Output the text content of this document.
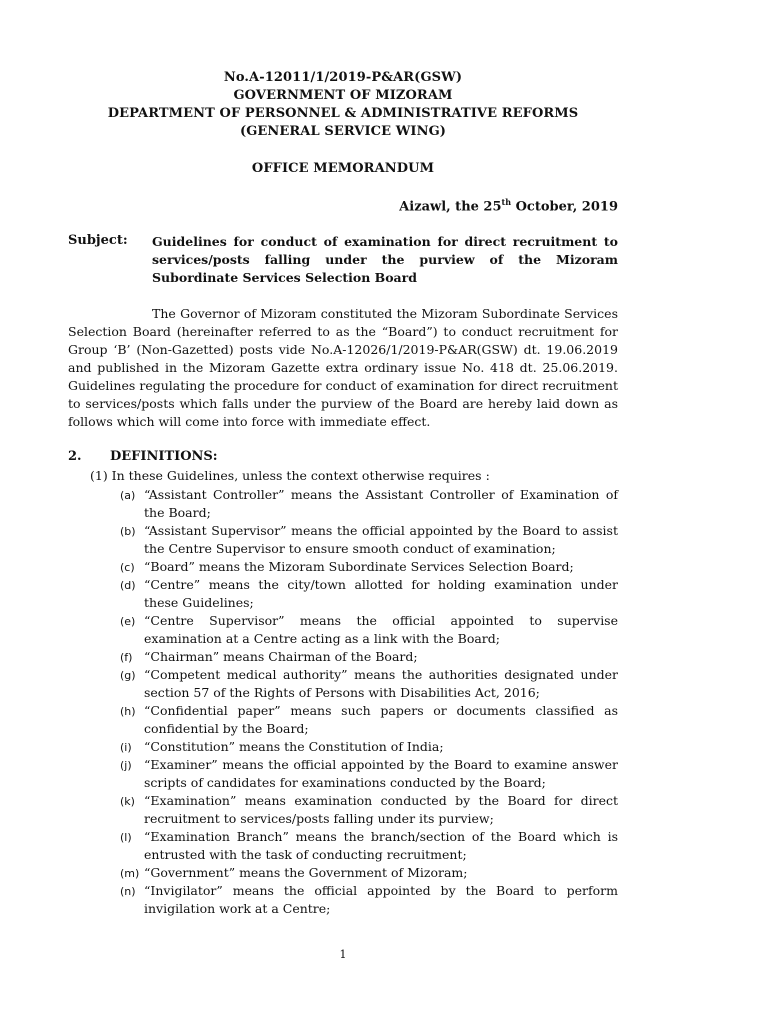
No.A-12011/1/2019-P&AR(GSW)
GOVERNMENT OF MIZORAM
DEPARTMENT OF PERSONNEL & ADMINISTRATIVE REFORMS
(GENERAL SERVICE WING)
OFFICE MEMORANDUM
Aizawl, the 25th October, 2019
Subject: Guidelines for conduct of examination for direct recruitment to services/posts falling under the purview of the Mizoram Subordinate Services Selection Board
The Governor of Mizoram constituted the Mizoram Subordinate Services Selection Board (hereinafter referred to as the “Board”) to conduct recruitment for Group ‘B’ (Non-Gazetted) posts vide No.A-12026/1/2019-P&AR(GSW) dt. 19.06.2019 and published in the Mizoram Gazette extra ordinary issue No. 418 dt. 25.06.2019. Guidelines regulating the procedure for conduct of examination for direct recruitment to services/posts which falls under the purview of the Board are hereby laid down as follows which will come into force with immediate effect.
2. DEFINITIONS:
(1) In these Guidelines, unless the context otherwise requires :
(a) “Assistant Controller” means the Assistant Controller of Examination of the Board;
(b) “Assistant Supervisor” means the official appointed by the Board to assist the Centre Supervisor to ensure smooth conduct of examination;
(c) “Board” means the Mizoram Subordinate Services Selection Board;
(d) “Centre” means the city/town allotted for holding examination under these Guidelines;
(e) “Centre Supervisor” means the official appointed to supervise examination at a Centre acting as a link with the Board;
(f) “Chairman” means Chairman of the Board;
(g) “Competent medical authority” means the authorities designated under section 57 of the Rights of Persons with Disabilities Act, 2016;
(h) “Confidential paper” means such papers or documents classified as confidential by the Board;
(i) “Constitution” means the Constitution of India;
(j) “Examiner” means the official appointed by the Board to examine answer scripts of candidates for examinations conducted by the Board;
(k) “Examination” means examination conducted by the Board for direct recruitment to services/posts falling under its purview;
(l) “Examination Branch” means the branch/section of the Board which is entrusted with the task of conducting recruitment;
(m) “Government” means the Government of Mizoram;
(n) “Invigilator” means the official appointed by the Board to perform invigilation work at a Centre;
1
